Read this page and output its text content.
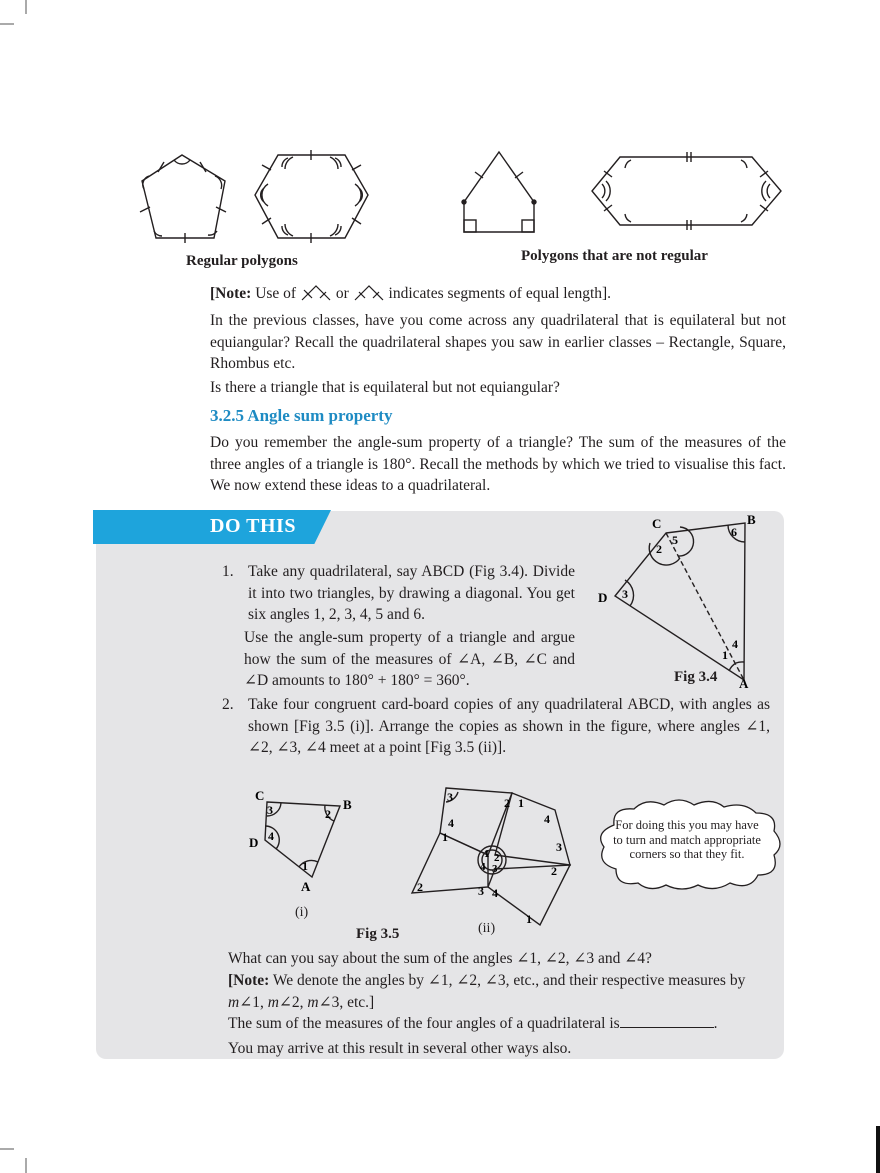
Regular polygons	Polygons that are not regular
[Note: Use of  or  indicates segments of equal length].
In the previous classes, have you come across any quadrilateral that is equilateral but not equiangular? Recall the quadrilateral shapes you saw in earlier classes – Rectangle, Square, Rhombus etc.
Is there a triangle that is equilateral but not equiangular?
3.2.5 Angle sum property
Do you remember the angle-sum property of a triangle? The sum of the measures of the three angles of a triangle is 180°. Recall the methods by which we tried to visualise this fact. We now extend these ideas to a quadrilateral.
DO THIS
1. Take any quadrilateral, say ABCD (Fig 3.4). Divide it into two triangles, by drawing a diagonal. You get six angles 1, 2, 3, 4, 5 and 6.
Use the angle-sum property of a triangle and argue how the sum of the measures of ∠A, ∠B, ∠C and ∠D amounts to 180° + 180° = 360°.
C	B
D
A
2
5
6
3
4
1
Fig 3.4
2. Take four congruent card-board copies of any quadrilateral ABCD, with angles as shown [Fig 3.5 (i)]. Arrange the copies as shown in the figure, where angles ∠1, ∠2, ∠3, ∠4 meet at a point [Fig 3.5 (ii)].
C
B
D
A
3	2
4
1
(i)
3	2 1
4	4
1
3
1 2
4 3	2
2	3 4
1
(ii)
Fig 3.5
For doing this you may have to turn and match appropriate corners so that they fit.
What can you say about the sum of the angles ∠1, ∠2, ∠3 and ∠4?
[Note: We denote the angles by ∠1, ∠2, ∠3, etc., and their respective measures by m∠1, m∠2, m∠3, etc.]
The sum of the measures of the four angles of a quadrilateral is	.
You may arrive at this result in several other ways also.
